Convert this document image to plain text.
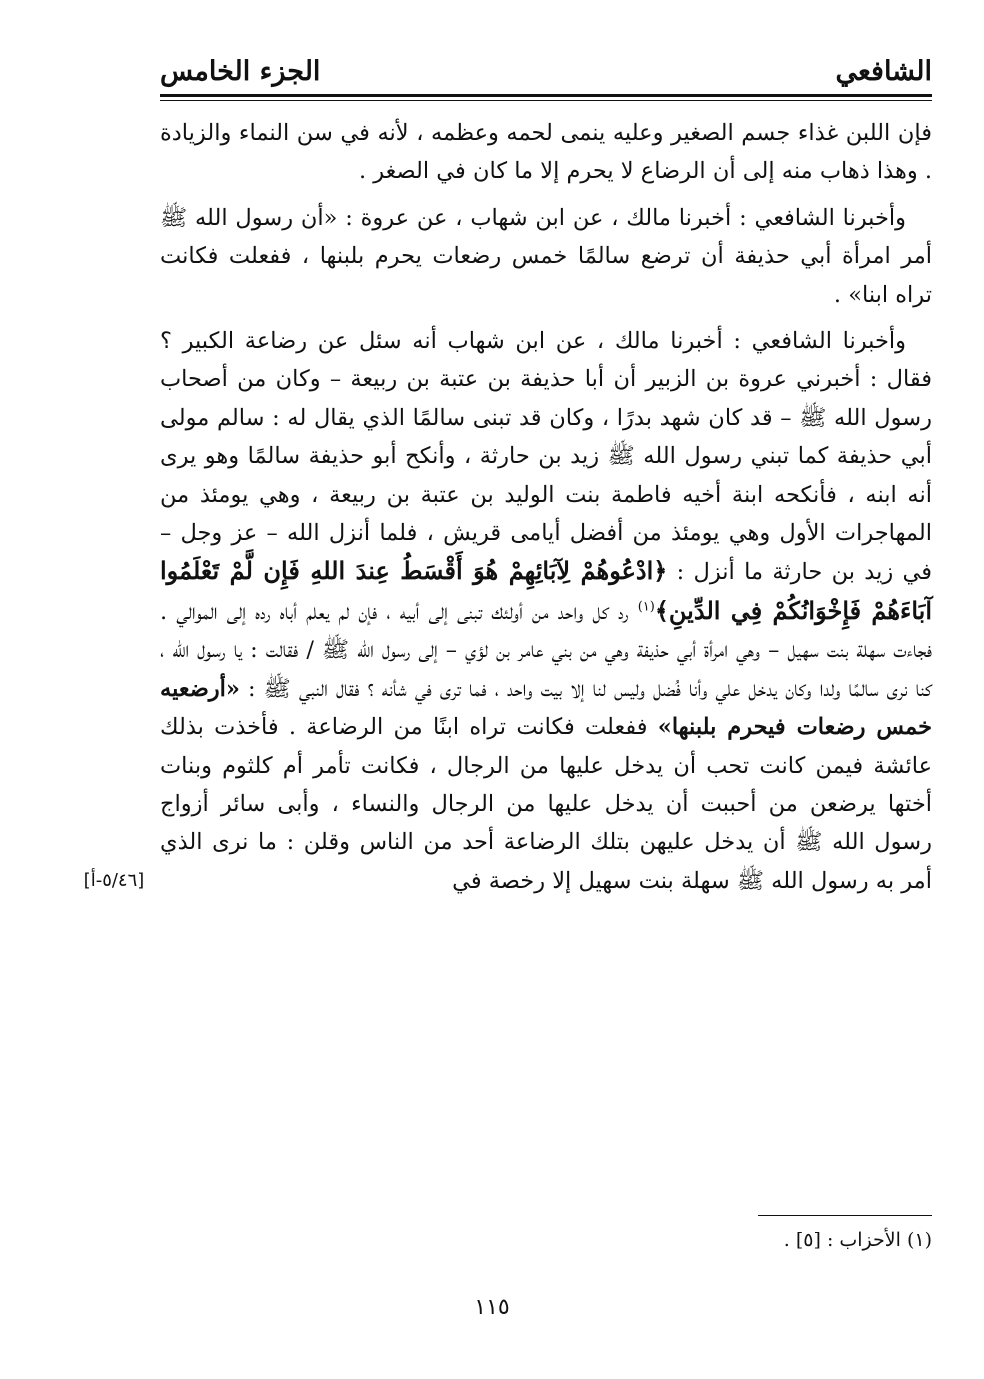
الشافعي
الجزء الخامس

فإن اللبن غذاء جسم الصغير وعليه ينمى لحمه وعظمه ، لأنه في سن النماء والزيادة . وهذا ذهاب منه إلى أن الرضاع لا يحرم إلا ما كان في الصغر .

وأخبرنا الشافعي : أخبرنا مالك ، عن ابن شهاب ، عن عروة : «أن رسول الله ﷺ أمر امرأة أبي حذيفة أن ترضع سالمًا خمس رضعات يحرم بلبنها ، ففعلت فكانت تراه ابنا» .

وأخبرنا الشافعي : أخبرنا مالك ، عن ابن شهاب أنه سئل عن رضاعة الكبير ؟ فقال : أخبرني عروة بن الزبير أن أبا حذيفة بن عتبة بن ربيعة – وكان من أصحاب رسول الله ﷺ – قد كان شهد بدرًا ، وكان قد تبنى سالمًا الذي يقال له : سالم مولى أبي حذيفة كما تبني رسول الله ﷺ زيد بن حارثة ، وأنكح أبو حذيفة سالمًا وهو يرى أنه ابنه ، فأنكحه ابنة أخيه فاطمة بنت الوليد بن عتبة بن ربيعة ، وهي يومئذ من المهاجرات الأول وهي يومئذ من أفضل أيامى قريش ، فلما أنزل الله – عز وجل – في زيد بن حارثة ما أنزل : ﴿ادْعُوهُمْ لِآبَائِهِمْ هُوَ أَقْسَطُ عِندَ اللهِ فَإِن لَّمْ تَعْلَمُوا آبَاءَهُمْ فَإِخْوَانُكُمْ فِي الدِّينِ﴾$^{(١)}$ رد كل واحد من أولئك تبنى إلى أبيه ، فإن لم يعلم أباه رده إلى الموالي . فجاءت سهلة بنت سهيل – وهي امرأة أبي حذيفة وهي من بني عامر بن لؤي – إلى رسول الله ﷺ / فقالت : يا رسول الله ، كنا نرى سالمًا ولدا وكان يدخل علي وأنا فُضل وليس لنا إلا بيت واحد ، فما ترى في شأنه ؟ فقال النبي ﷺ : «أرضعيه خمس رضعات فيحرم بلبنها» ففعلت فكانت تراه ابنًا من الرضاعة . فأخذت بذلك عائشة فيمن كانت تحب أن يدخل عليها من الرجال ، فكانت تأمر أم كلثوم وبنات أختها يرضعن من أحببت أن يدخل عليها من الرجال والنساء ، وأبى سائر أزواج رسول الله ﷺ أن يدخل عليهن بتلك الرضاعة أحد من الناس وقلن : ما نرى الذي أمر به رسول الله ﷺ سهلة بنت سهيل إلا رخصة في

[٥/٤٦-أ]
(١) الأحزاب : [٥] .
١١٥
